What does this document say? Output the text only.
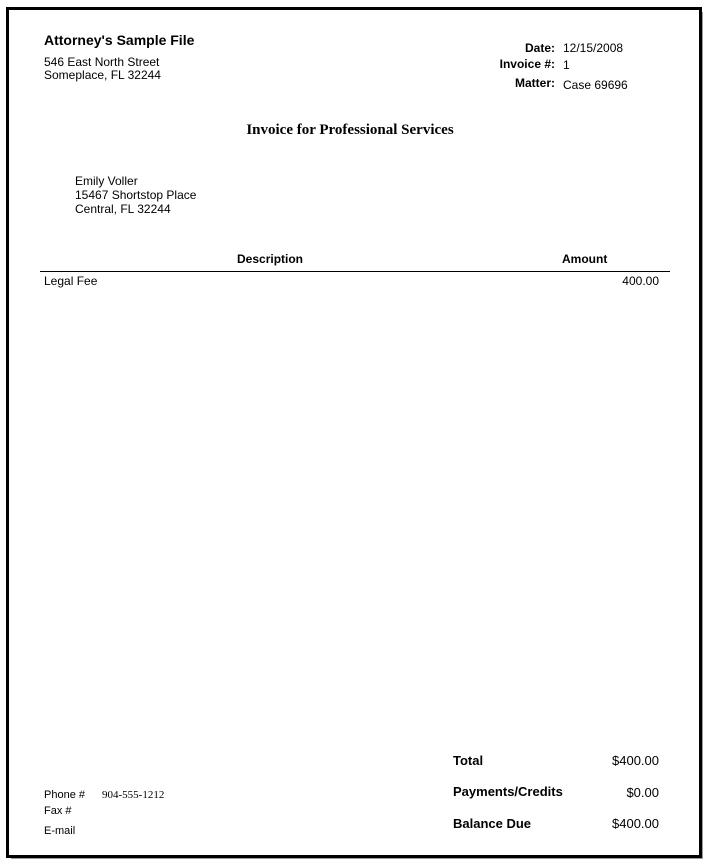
Attorney's Sample File
546 East North Street
Someplace, FL 32244
Date: 12/15/2008
Invoice #: 1
Matter: Case 69696
Invoice for Professional Services
Emily Voller
15467 Shortstop Place
Central, FL 32244
Description	Amount
Legal Fee	400.00
Total	$400.00
Payments/Credits	$0.00
Balance Due	$400.00
Phone # 904-555-1212
Fax #
E-mail
